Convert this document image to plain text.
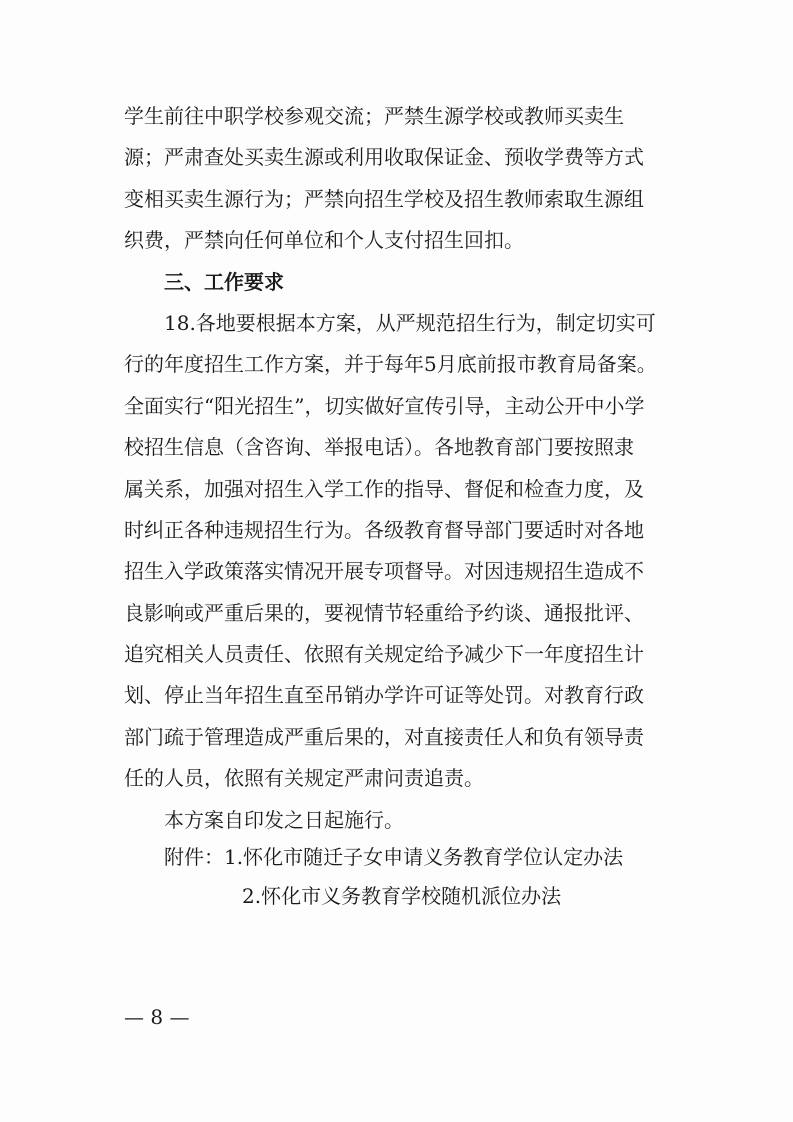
学生前往中职学校参观交流；严禁生源学校或教师买卖生
源；严肃查处买卖生源或利用收取保证金、预收学费等方式
变相买卖生源行为；严禁向招生学校及招生教师索取生源组
织费，严禁向任何单位和个人支付招生回扣。
三、工作要求
18.各地要根据本方案，从严规范招生行为，制定切实可
行的年度招生工作方案，并于每年5月底前报市教育局备案。
全面实行“阳光招生”，切实做好宣传引导，主动公开中小学
校招生信息（含咨询、举报电话）。各地教育部门要按照隶
属关系，加强对招生入学工作的指导、督促和检查力度，及
时纠正各种违规招生行为。各级教育督导部门要适时对各地
招生入学政策落实情况开展专项督导。对因违规招生造成不
良影响或严重后果的，要视情节轻重给予约谈、通报批评、
追究相关人员责任、依照有关规定给予减少下一年度招生计
划、停止当年招生直至吊销办学许可证等处罚。对教育行政
部门疏于管理造成严重后果的，对直接责任人和负有领导责
任的人员，依照有关规定严肃问责追责。
本方案自印发之日起施行。
附件：1.怀化市随迁子女申请义务教育学位认定办法
2.怀化市义务教育学校随机派位办法
— 8 —
